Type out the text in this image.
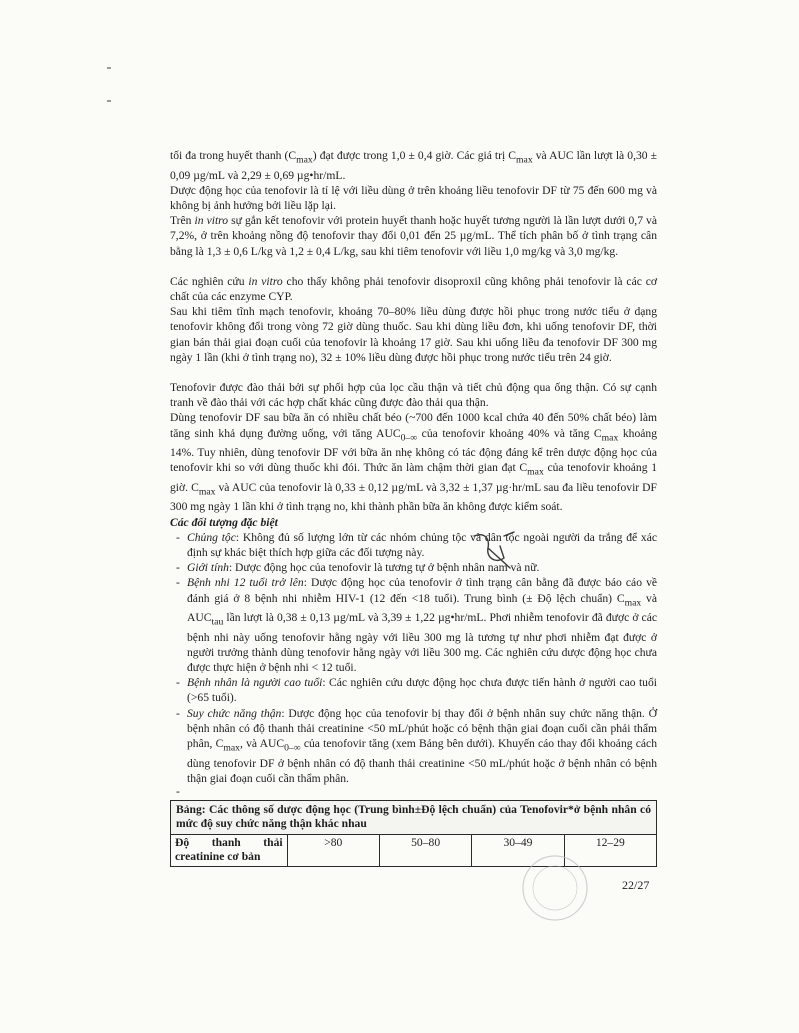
tối đa trong huyết thanh $(C_{max})$ đạt được trong 1,0 ± 0,4 giờ. Các giá trị $C_{max}$ và AUC lần lượt là 0,30 ± 0,09 µg/mL và 2,29 ± 0,69 µg•hr/mL.

Dược động học của tenofovir là tỉ lệ với liều dùng ở trên khoảng liều tenofovir DF từ 75 đến 600 mg và không bị ảnh hưởng bởi liều lặp lại.

Trên in vitro sự gắn kết tenofovir với protein huyết thanh hoặc huyết tương người là lần lượt dưới 0,7 và 7,2%, ở trên khoảng nồng độ tenofovir thay đổi 0,01 đến 25 µg/mL. Thể tích phân bố ở tình trạng cân bằng là 1,3 ± 0,6 L/kg và 1,2 ± 0,4 L/kg, sau khi tiêm tenofovir với liều 1,0 mg/kg và 3,0 mg/kg.

Các nghiên cứu in vitro cho thấy không phải tenofovir disoproxil cũng không phải tenofovir là các cơ chất của các enzyme CYP.

Sau khi tiêm tĩnh mạch tenofovir, khoảng 70–80% liều dùng được hồi phục trong nước tiểu ở dạng tenofovir không đổi trong vòng 72 giờ dùng thuốc. Sau khi dùng liều đơn, khi uống tenofovir DF, thời gian bán thải giai đoạn cuối của tenofovir là khoảng 17 giờ. Sau khi uống liều đa tenofovir DF 300 mg ngày 1 lần (khi ở tình trạng no), 32 ± 10% liều dùng được hồi phục trong nước tiểu trên 24 giờ.

Tenofovir được đào thải bởi sự phối hợp của lọc cầu thận và tiết chủ động qua ống thận. Có sự cạnh tranh về đào thải với các hợp chất khác cũng được đào thải qua thận.

Dùng tenofovir DF sau bữa ăn có nhiều chất béo (~700 đến 1000 kcal chứa 40 đến 50% chất béo) làm tăng sinh khả dụng đường uống, với tăng $AUC_{0-\infty}$ của tenofovir khoảng 40% và tăng $C_{max}$ khoảng 14%. Tuy nhiên, dùng tenofovir DF với bữa ăn nhẹ không có tác động đáng kể trên dược động học của tenofovir khi so với dùng thuốc khi đói. Thức ăn làm chậm thời gian đạt $C_{max}$ của tenofovir khoảng 1 giờ. $C_{max}$ và AUC của tenofovir là 0,33 ± 0,12 µg/mL và 3,32 ± 1,37 µg·hr/mL sau đa liều tenofovir DF 300 mg ngày 1 lần khi ở tình trạng no, khi thành phần bữa ăn không được kiểm soát.

Các đối tượng đặc biệt

- Chủng tộc: Không đủ số lượng lớn từ các nhóm chủng tộc và dân tộc ngoài người da trắng để xác định sự khác biệt thích hợp giữa các đối tượng này.
- Giới tính: Dược động học của tenofovir là tương tự ở bệnh nhân nam và nữ.
- Bệnh nhi 12 tuổi trở lên: Dược động học của tenofovir ở tình trạng cân bằng đã được báo cáo về đánh giá ở 8 bệnh nhi nhiễm HIV-1 (12 đến <18 tuổi). Trung bình (± Độ lệch chuẩn) $C_{max}$ và $AUC_{tau}$ lần lượt là 0,38 ± 0,13 µg/mL và 3,39 ± 1,22 µg•hr/mL. Phơi nhiễm tenofovir đã được ở các bệnh nhi này uống tenofovir hằng ngày với liều 300 mg là tương tự như phơi nhiễm đạt được ở người trưởng thành dùng tenofovir hằng ngày với liều 300 mg. Các nghiên cứu dược động học chưa được thực hiện ở bệnh nhi < 12 tuổi.
- Bệnh nhân là người cao tuổi: Các nghiên cứu dược động học chưa được tiến hành ở người cao tuổi (>65 tuổi).
- Suy chức năng thận: Dược động học của tenofovir bị thay đổi ở bệnh nhân suy chức năng thận. Ở bệnh nhân có độ thanh thải creatinine <50 mL/phút hoặc có bệnh thận giai đoạn cuối cần phải thẩm phân, $C_{max}$, và $AUC_{0-\infty}$ của tenofovir tăng (xem Bảng bên dưới). Khuyến cáo thay đổi khoảng cách dùng tenofovir DF ở bệnh nhân có độ thanh thải creatinine <50 mL/phút hoặc ở bệnh nhân có bệnh thận giai đoạn cuối cần thẩm phân.
-
Bảng: Các thông số dược động học (Trung bình±Độ lệch chuẩn) của Tenofovir*ở bệnh nhân có mức độ suy chức năng thận khác nhau
Độ thanh thải creatinine cơ bản	>80	50–80	30–49	12–29
22/27
